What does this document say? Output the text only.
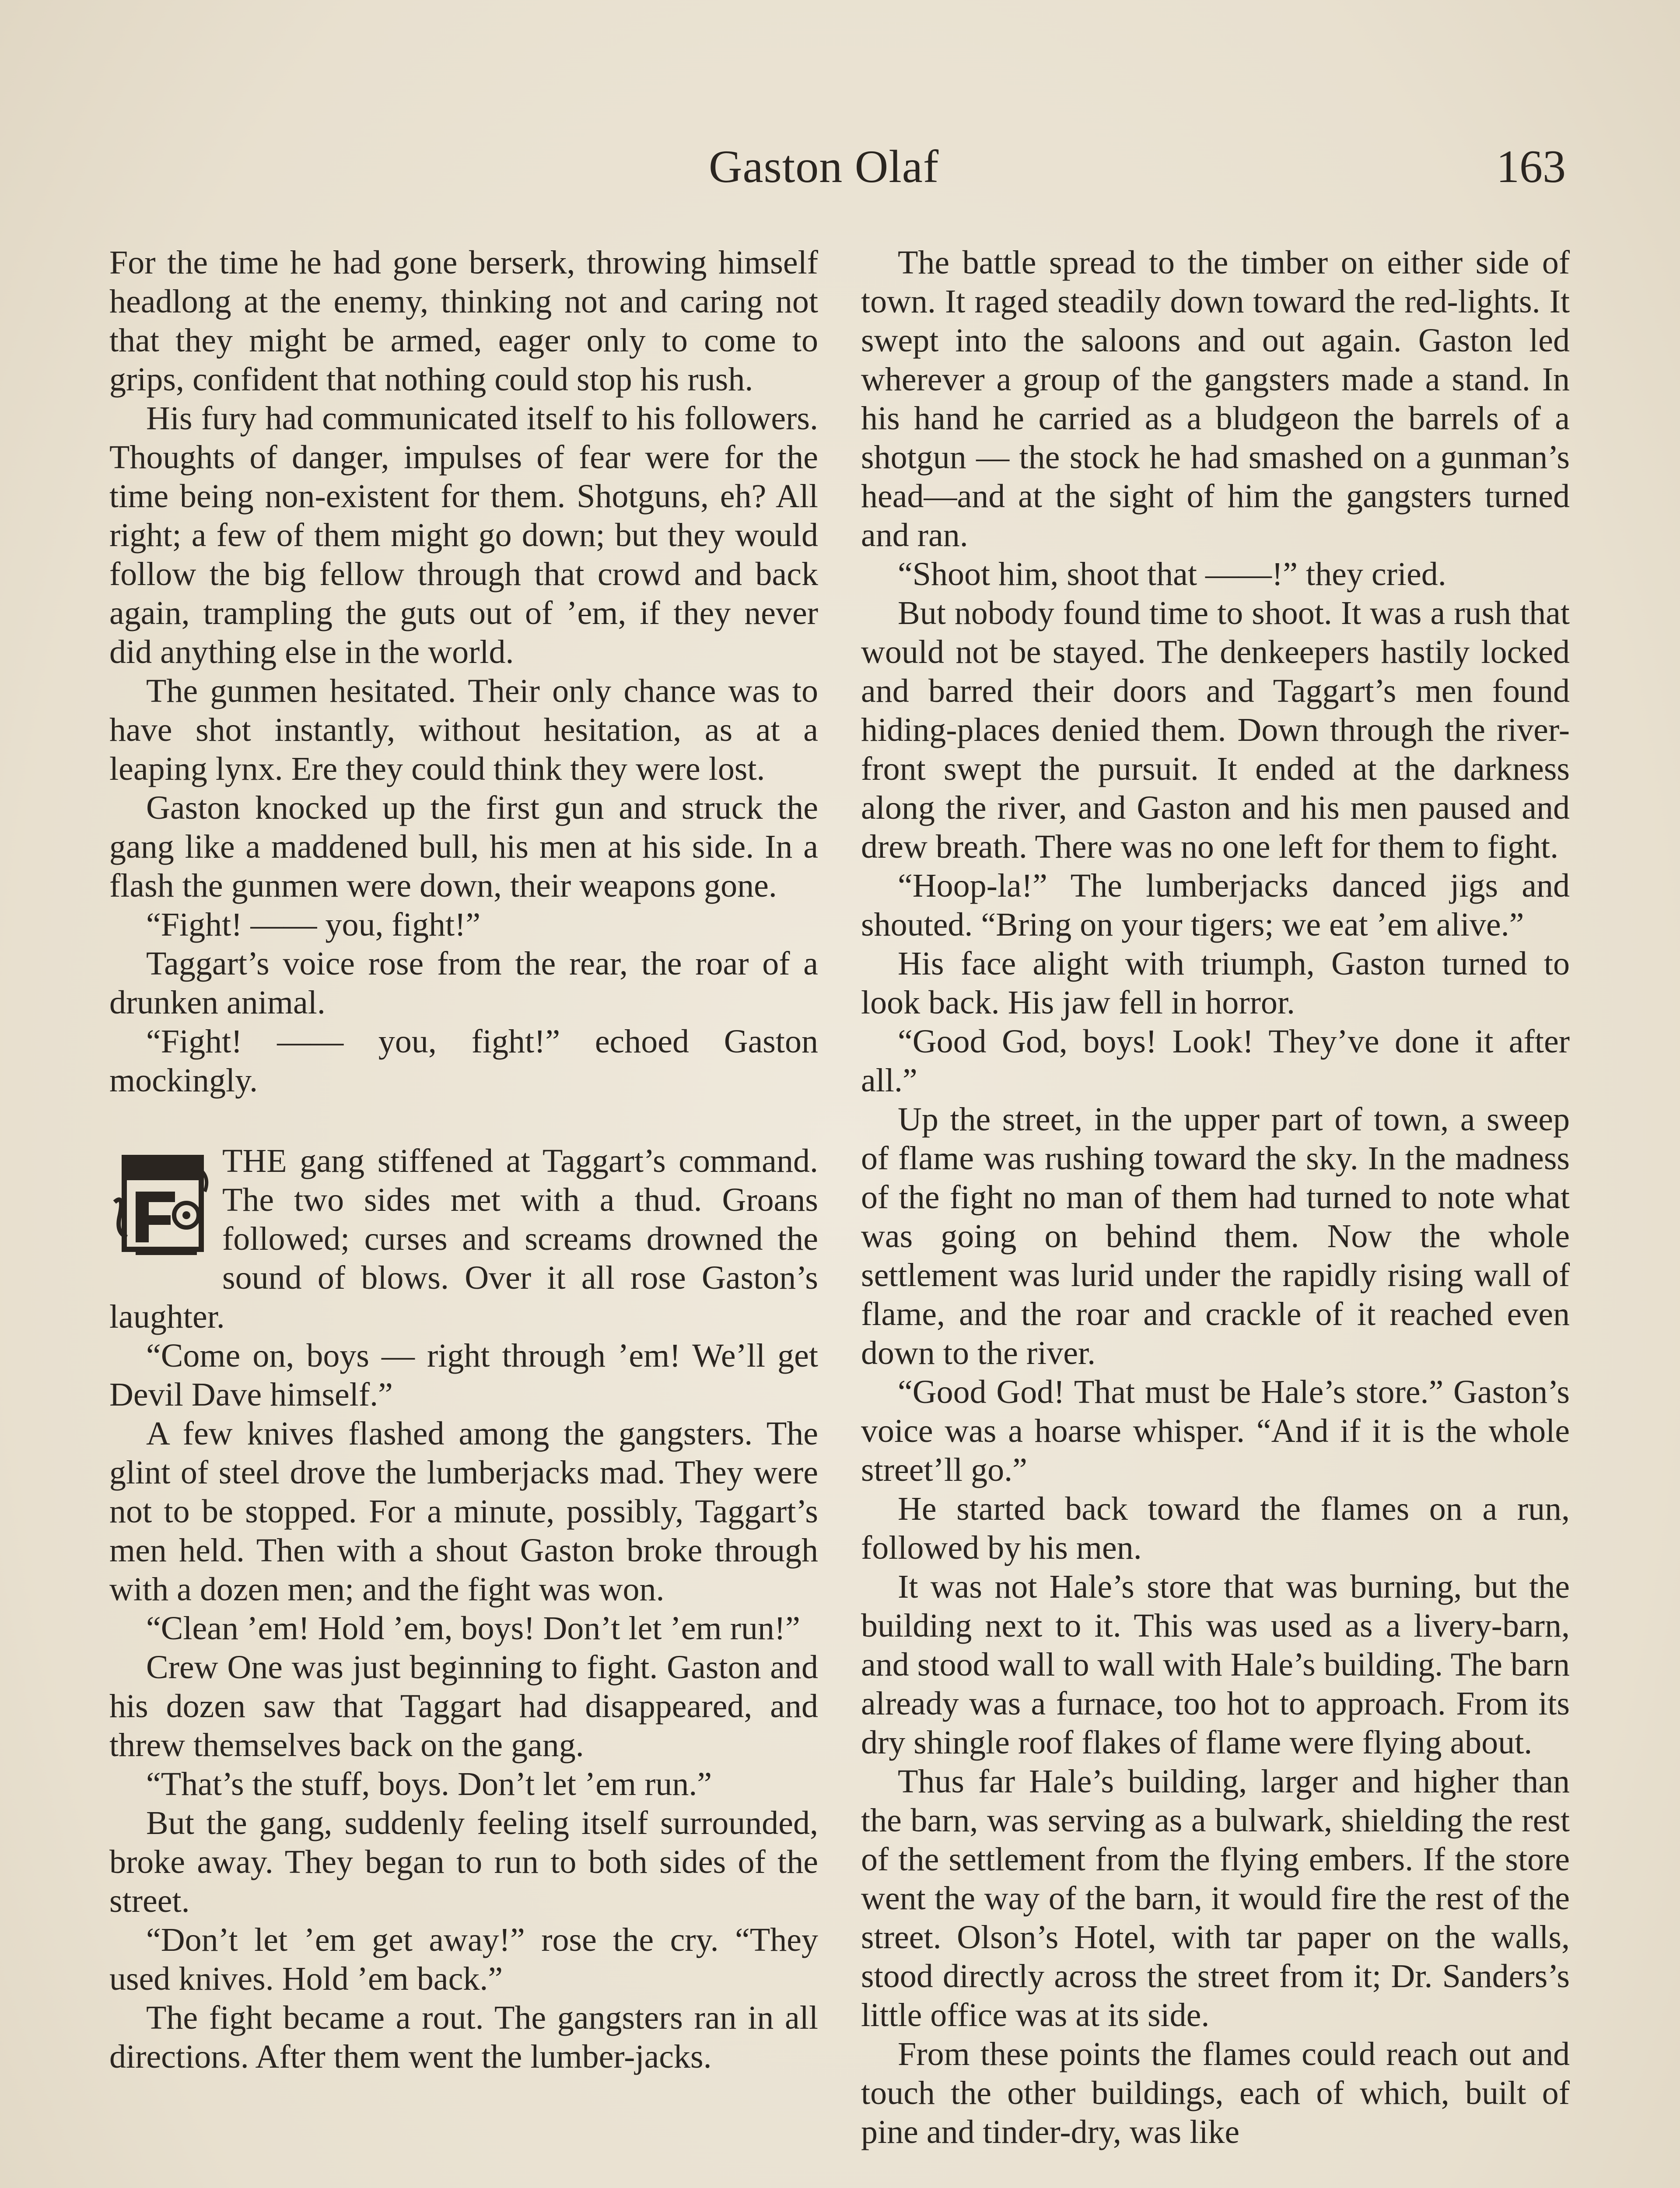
Gaston Olaf	163

For the time he had gone berserk, throwing himself headlong at the enemy, thinking not and caring not that they might be armed, eager only to come to grips, confident that nothing could stop his rush.

His fury had communicated itself to his followers. Thoughts of danger, impulses of fear were for the time being non-existent for them. Shotguns, eh? All right; a few of them might go down; but they would follow the big fellow through that crowd and back again, trampling the guts out of ’em, if they never did anything else in the world.

The gunmen hesitated. Their only chance was to have shot instantly, without hesitation, as at a leaping lynx. Ere they could think they were lost.

Gaston knocked up the first gun and struck the gang like a maddened bull, his men at his side. In a flash the gunmen were down, their weapons gone.

“Fight! —— you, fight!”

Taggart’s voice rose from the rear, the roar of a drunken animal.

“Fight! —— you, fight!” echoed Gaston mockingly.

THE gang stiffened at Taggart’s command. The two sides met with a thud. Groans followed; curses and screams drowned the sound of blows. Over it all rose Gaston’s laughter.

“Come on, boys — right through ’em! We’ll get Devil Dave himself.”

A few knives flashed among the gangsters. The glint of steel drove the lumberjacks mad. They were not to be stopped. For a minute, possibly, Taggart’s men held. Then with a shout Gaston broke through with a dozen men; and the fight was won.

“Clean ’em! Hold ’em, boys! Don’t let ’em run!”

Crew One was just beginning to fight. Gaston and his dozen saw that Taggart had disappeared, and threw themselves back on the gang.

“That’s the stuff, boys. Don’t let ’em run.”

But the gang, suddenly feeling itself surrounded, broke away. They began to run to both sides of the street.

“Don’t let ’em get away!” rose the cry. “They used knives. Hold ’em back.”

The fight became a rout. The gangsters ran in all directions. After them went the lumber-jacks.

The battle spread to the timber on either side of town. It raged steadily down toward the red-lights. It swept into the saloons and out again. Gaston led wherever a group of the gangsters made a stand. In his hand he carried as a bludgeon the barrels of a shotgun — the stock he had smashed on a gunman’s head—and at the sight of him the gangsters turned and ran.

“Shoot him, shoot that ——!” they cried.

But nobody found time to shoot. It was a rush that would not be stayed. The denkeepers hastily locked and barred their doors and Taggart’s men found hiding-places denied them. Down through the river-front swept the pursuit. It ended at the darkness along the river, and Gaston and his men paused and drew breath. There was no one left for them to fight.

“Hoop-la!” The lumberjacks danced jigs and shouted. “Bring on your tigers; we eat ’em alive.”

His face alight with triumph, Gaston turned to look back. His jaw fell in horror.

“Good God, boys! Look! They’ve done it after all.”

Up the street, in the upper part of town, a sweep of flame was rushing toward the sky. In the madness of the fight no man of them had turned to note what was going on behind them. Now the whole settlement was lurid under the rapidly rising wall of flame, and the roar and crackle of it reached even down to the river.

“Good God! That must be Hale’s store.” Gaston’s voice was a hoarse whisper. “And if it is the whole street’ll go.”

He started back toward the flames on a run, followed by his men.

It was not Hale’s store that was burning, but the building next to it. This was used as a livery-barn, and stood wall to wall with Hale’s building. The barn already was a furnace, too hot to approach. From its dry shingle roof flakes of flame were flying about.

Thus far Hale’s building, larger and higher than the barn, was serving as a bulwark, shielding the rest of the settlement from the flying embers. If the store went the way of the barn, it would fire the rest of the street. Olson’s Hotel, with tar paper on the walls, stood directly across the street from it; Dr. Sanders’s little office was at its side.

From these points the flames could reach out and touch the other buildings, each of which, built of pine and tinder-dry, was like
